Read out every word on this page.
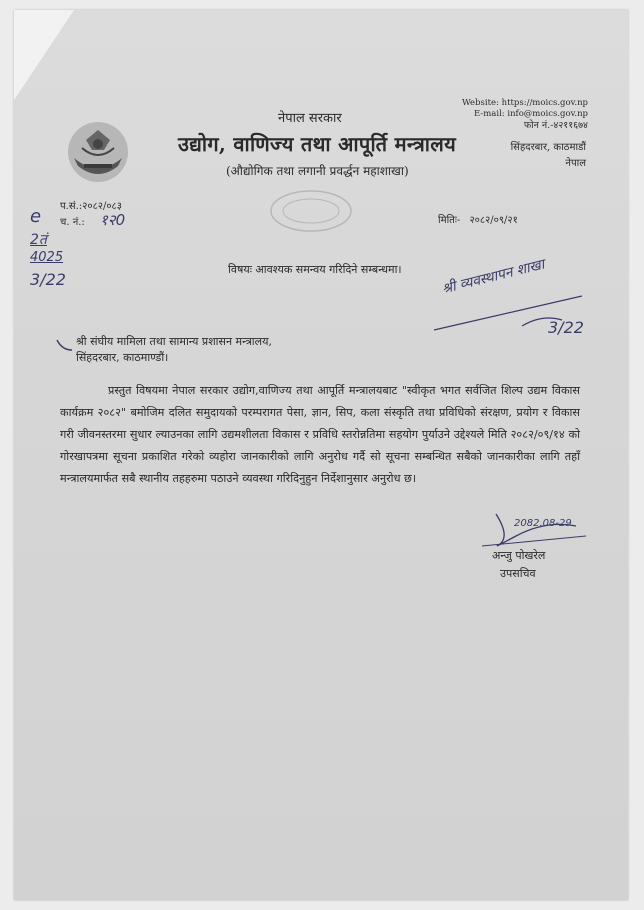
नेपाल सरकार
उद्योग, वाणिज्य तथा आपूर्ति मन्त्रालय
(औद्योगिक तथा लगानी प्रवर्द्धन महाशाखा)
Website: https://moics.gov.np
E-mail: info@moics.gov.np
फोन नं.-४२११६७४
सिंहदरबार, काठमाडौं
नेपाल
प.सं.:२०८२/०८३
च. नं.: १२0	मितिः- २०८२/०९/२१
e
2तं
4025
3/22
विषयः आवश्यक समन्वय गरिदिने सम्बन्धमा।	श्री व्यवस्थापन शाखा
3/22
श्री संघीय मामिला तथा सामान्य प्रशासन मन्त्रालय,
सिंहदरबार, काठमाण्डौं।
प्रस्तुत विषयमा नेपाल सरकार उद्योग,वाणिज्य तथा आपूर्ति मन्त्रालयबाट "स्वीकृत भगत सर्वजित शिल्प उद्यम विकास कार्यक्रम २०८२" बमोजिम दलित समुदायको परम्परागत पेसा, ज्ञान, सिप, कला संस्कृति तथा प्रविधिको संरक्षण, प्रयोग र विकास गरी जीवनस्तरमा सुधार ल्याउनका लागि उद्यमशीलता विकास र प्रविधि स्तरोन्नतिमा सहयोग पुर्याउने उद्देश्यले मिति २०८२/०९/१४ को गोरखापत्रमा सूचना प्रकाशित गरेको व्यहोरा जानकारीको लागि अनुरोध गर्दै सो सूचना सम्बन्धित सबैको जानकारीका लागि तहाँ मन्त्रालयमार्फत सबै स्थानीय तहहरुमा पठाउने व्यवस्था गरिदिनुहुन निर्देशानुसार अनुरोध छ।
2082.08-29
अन्जु पोखरेल
उपसचिव
